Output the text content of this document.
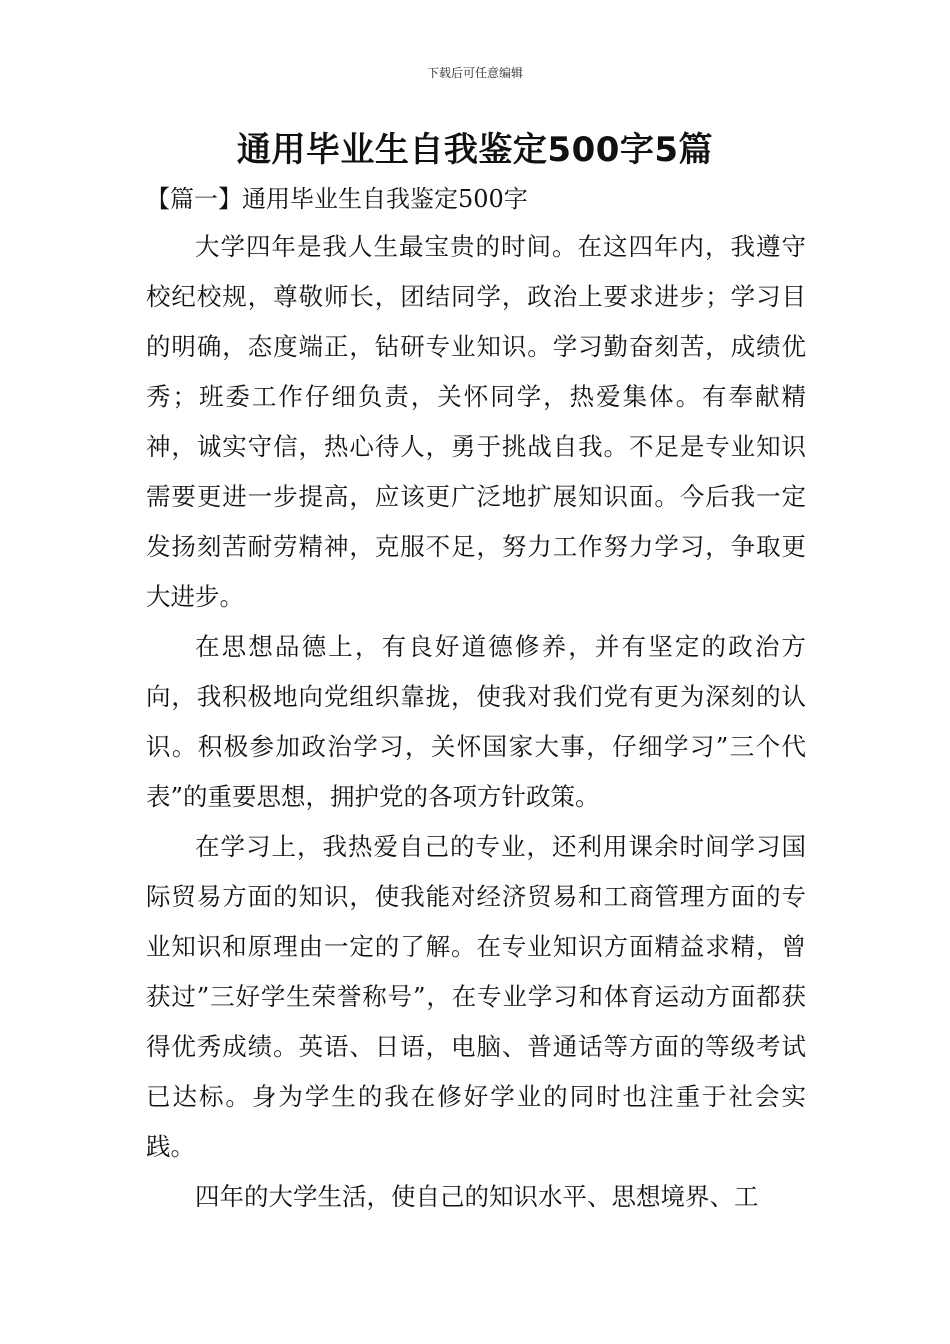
下载后可任意编辑
通用毕业生自我鉴定500字5篇
【篇一】通用毕业生自我鉴定500字

大学四年是我人生最宝贵的时间。在这四年内，我遵守校纪校规，尊敬师长，团结同学，政治上要求进步；学习目的明确，态度端正，钻研专业知识。学习勤奋刻苦，成绩优秀；班委工作仔细负责，关怀同学，热爱集体。有奉献精神，诚实守信，热心待人，勇于挑战自我。不足是专业知识需要更进一步提高，应该更广泛地扩展知识面。今后我一定发扬刻苦耐劳精神，克服不足，努力工作努力学习，争取更大进步。

在思想品德上，有良好道德修养，并有坚定的政治方向，我积极地向党组织靠拢，使我对我们党有更为深刻的认识。积极参加政治学习，关怀国家大事，仔细学习”三个代表”的重要思想，拥护党的各项方针政策。

在学习上，我热爱自己的专业，还利用课余时间学习国际贸易方面的知识，使我能对经济贸易和工商管理方面的专业知识和原理由一定的了解。在专业知识方面精益求精，曾获过”三好学生荣誉称号”，在专业学习和体育运动方面都获得优秀成绩。英语、日语，电脑、普通话等方面的等级考试已达标。身为学生的我在修好学业的同时也注重于社会实践。

四年的大学生活，使自己的知识水平、思想境界、工
